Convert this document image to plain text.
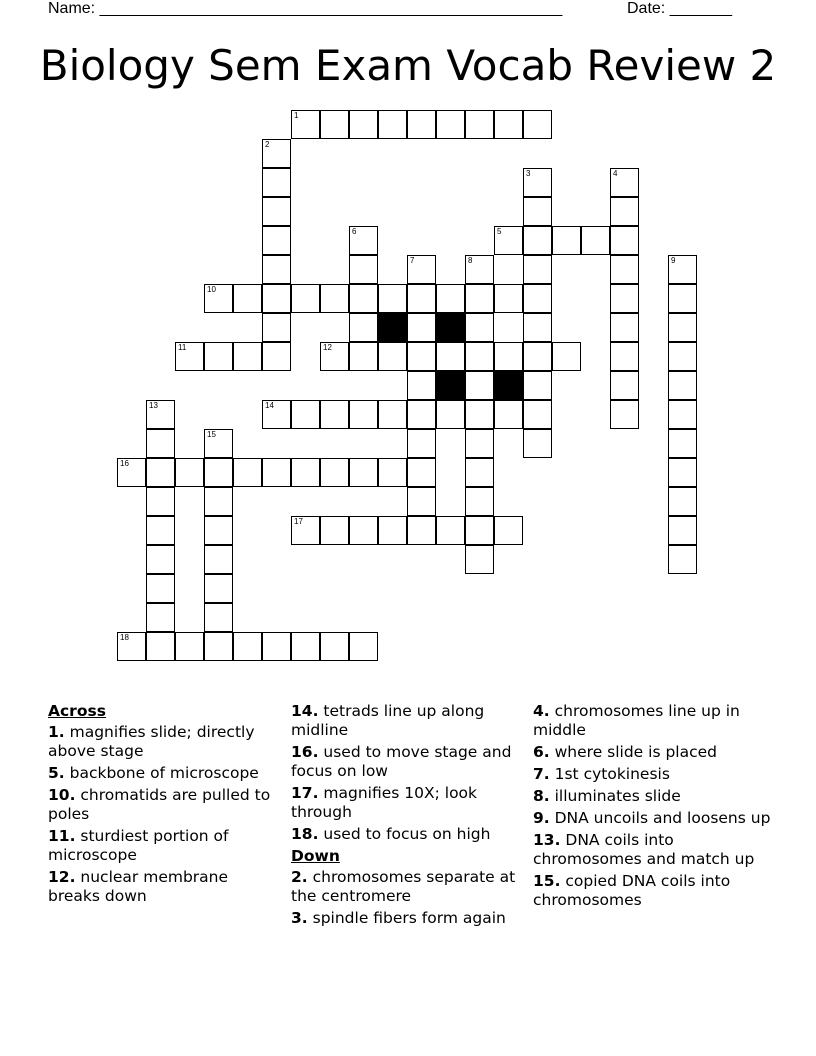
Name: ____________________________________________________	Date: _______
Biology Sem Exam Vocab Review 2
1
2
3	4
5
6
7	8	9
10
11	12
13	14
15
16
17
18
Across
1. magnifies slide; directly above stage
5. backbone of microscope
10. chromatids are pulled to poles
11. sturdiest portion of microscope
12. nuclear membrane breaks down
14. tetrads line up along midline
16. used to move stage and focus on low
17. magnifies 10X; look through
18. used to focus on high
Down
2. chromosomes separate at the centromere
3. spindle fibers form again
4. chromosomes line up in middle
6. where slide is placed
7. 1st cytokinesis
8. illuminates slide
9. DNA uncoils and loosens up
13. DNA coils into chromosomes and match up
15. copied DNA coils into chromosomes
